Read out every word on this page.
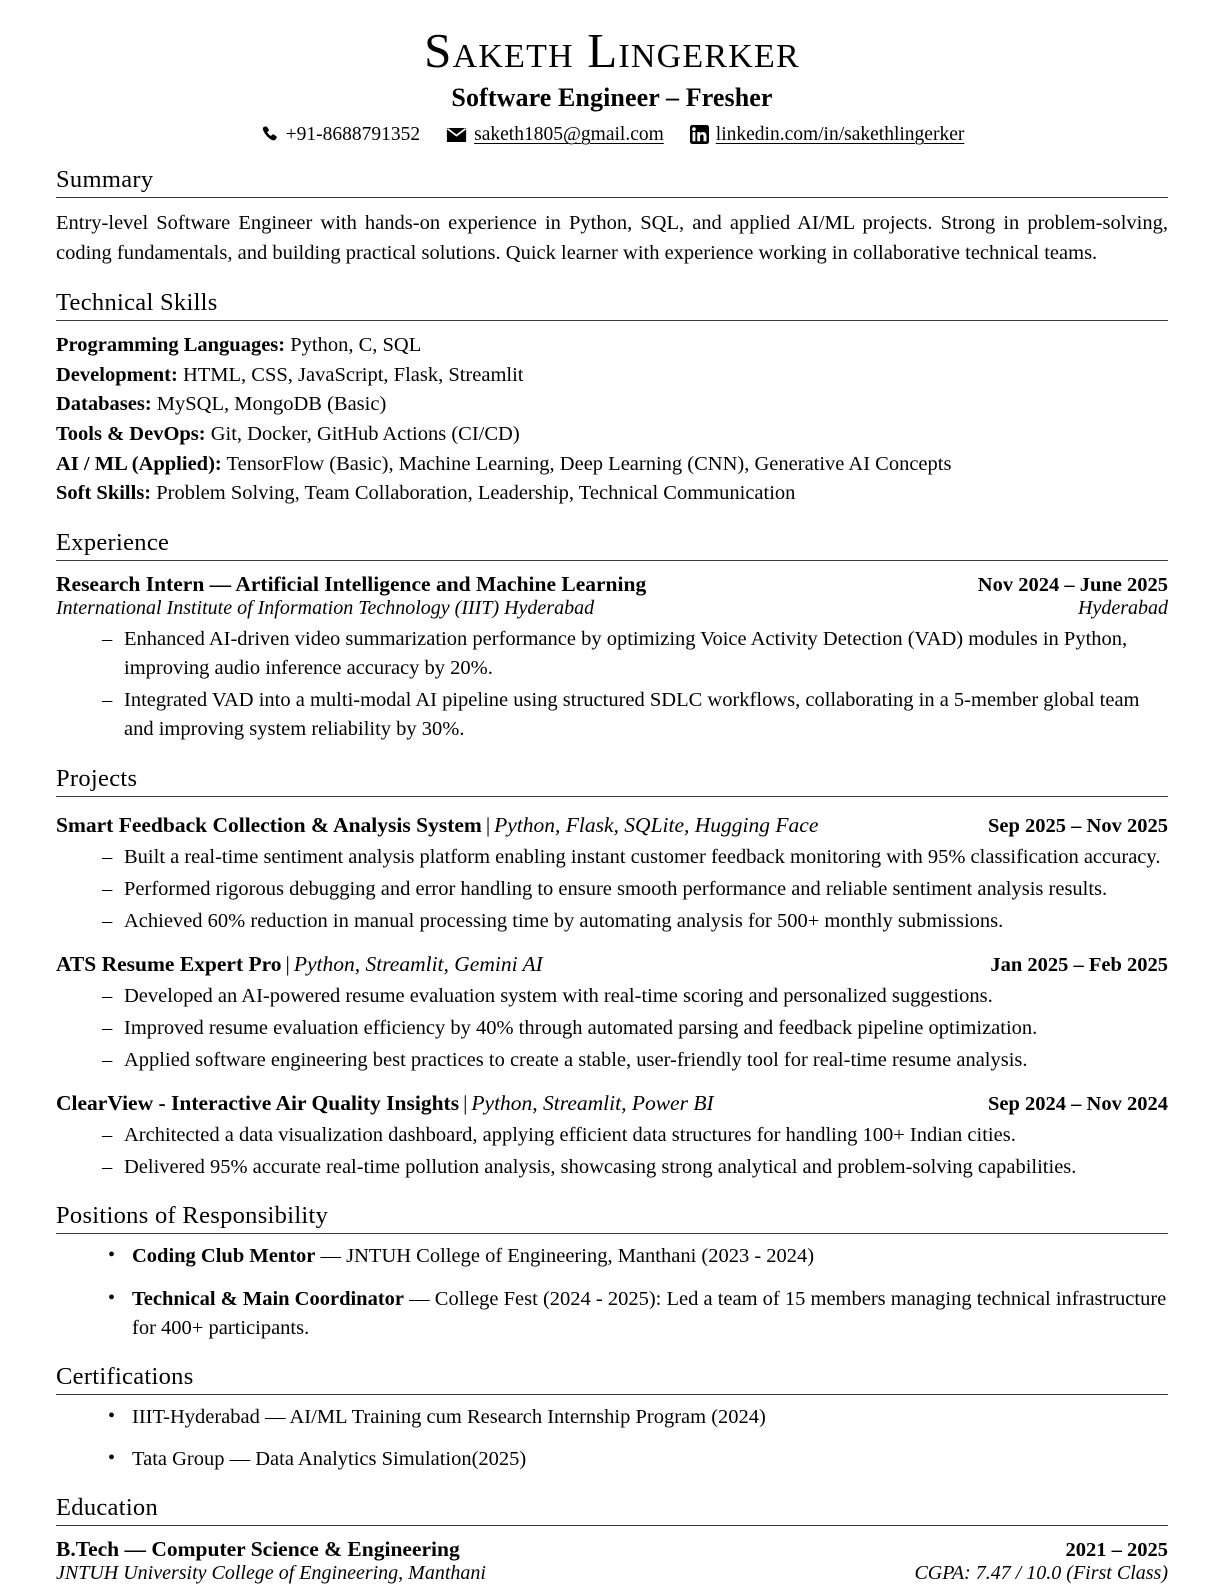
Saketh Lingerker
Software Engineer – Fresher
+91-8688791352	saketh1805@gmail.com	linkedin.com/in/sakethlingerker
Summary
Entry-level Software Engineer with hands-on experience in Python, SQL, and applied AI/ML projects. Strong in problem-solving, coding fundamentals, and building practical solutions. Quick learner with experience working in collaborative technical teams.
Technical Skills
Programming Languages: Python, C, SQL
Development: HTML, CSS, JavaScript, Flask, Streamlit
Databases: MySQL, MongoDB (Basic)
Tools & DevOps: Git, Docker, GitHub Actions (CI/CD)
AI / ML (Applied): TensorFlow (Basic), Machine Learning, Deep Learning (CNN), Generative AI Concepts
Soft Skills: Problem Solving, Team Collaboration, Leadership, Technical Communication
Experience
Research Intern — Artificial Intelligence and Machine Learning	Nov 2024 – June 2025
International Institute of Information Technology (IIIT) Hyderabad	Hyderabad
– Enhanced AI-driven video summarization performance by optimizing Voice Activity Detection (VAD) modules in Python, improving audio inference accuracy by 20%.
– Integrated VAD into a multi-modal AI pipeline using structured SDLC workflows, collaborating in a 5-member global team and improving system reliability by 30%.
Projects
Smart Feedback Collection & Analysis System | Python, Flask, SQLite, Hugging Face	Sep 2025 – Nov 2025
– Built a real-time sentiment analysis platform enabling instant customer feedback monitoring with 95% classification accuracy.
– Performed rigorous debugging and error handling to ensure smooth performance and reliable sentiment analysis results.
– Achieved 60% reduction in manual processing time by automating analysis for 500+ monthly submissions.
ATS Resume Expert Pro | Python, Streamlit, Gemini AI	Jan 2025 – Feb 2025
– Developed an AI-powered resume evaluation system with real-time scoring and personalized suggestions.
– Improved resume evaluation efficiency by 40% through automated parsing and feedback pipeline optimization.
– Applied software engineering best practices to create a stable, user-friendly tool for real-time resume analysis.
ClearView - Interactive Air Quality Insights | Python, Streamlit, Power BI	Sep 2024 – Nov 2024
– Architected a data visualization dashboard, applying efficient data structures for handling 100+ Indian cities.
– Delivered 95% accurate real-time pollution analysis, showcasing strong analytical and problem-solving capabilities.
Positions of Responsibility
• Coding Club Mentor — JNTUH College of Engineering, Manthani (2023 - 2024)
• Technical & Main Coordinator — College Fest (2024 - 2025): Led a team of 15 members managing technical infrastructure for 400+ participants.
Certifications
• IIIT-Hyderabad — AI/ML Training cum Research Internship Program (2024)
• Tata Group — Data Analytics Simulation(2025)
Education
B.Tech — Computer Science & Engineering	2021 – 2025
JNTUH University College of Engineering, Manthani	CGPA: 7.47 / 10.0 (First Class)
